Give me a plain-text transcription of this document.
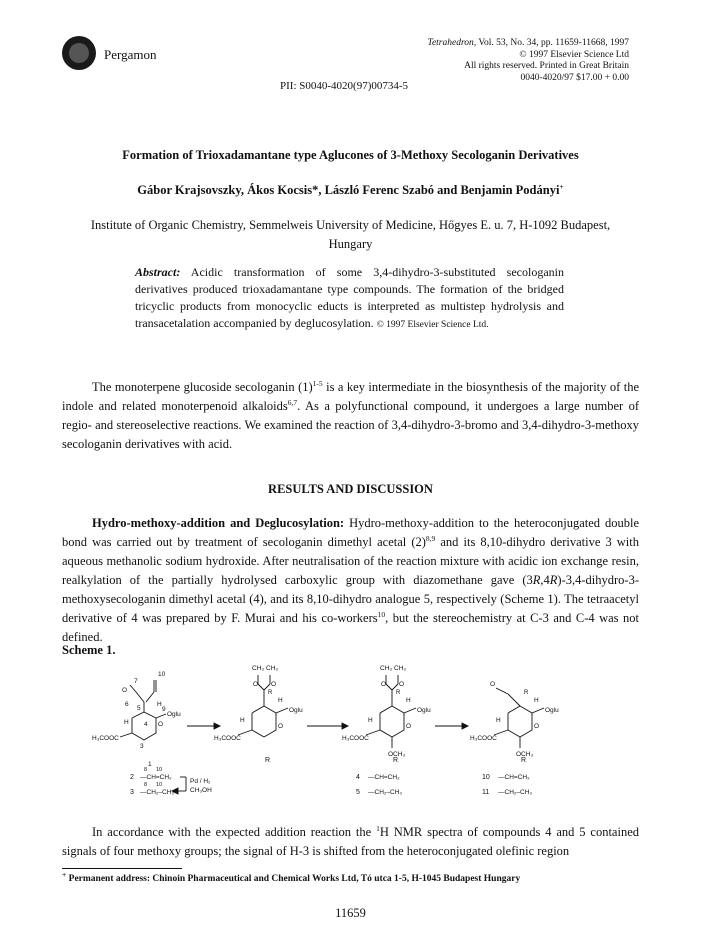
Pergamon
Tetrahedron, Vol. 53, No. 34, pp. 11659-11668, 1997
© 1997 Elsevier Science Ltd
All rights reserved. Printed in Great Britain
0040-4020/97 $17.00 + 0.00
PII: S0040-4020(97)00734-5
Formation of Trioxadamantane type Aglucones of 3-Methoxy Secologanin Derivatives
Gábor Krajsovszky, Ákos Kocsis*, László Ferenc Szabó and Benjamin Podányi+
Institute of Organic Chemistry, Semmelweis University of Medicine, Hőgyes E. u. 7, H-1092 Budapest, Hungary
Abstract: Acidic transformation of some 3,4-dihydro-3-substituted secologanin derivatives produced trioxadamantane type compounds. The formation of the bridged tricyclic products from monocyclic educts is interpreted as multistep hydrolysis and transacetalation accompanied by deglucosylation. © 1997 Elsevier Science Ltd.
The monoterpene glucoside secologanin $(1)^{1-5}$ is a key intermediate in the biosynthesis of the majority of the indole and related monoterpenoid alkaloids$^{6,7}$. As a polyfunctional compound, it undergoes a large number of regio- and stereoselective reactions. We examined the reaction of 3,4-dihydro-3-bromo and 3,4-dihydro-3-methoxy secologanin derivatives with acid.
RESULTS AND DISCUSSION
Hydro-methoxy-addition and Deglucosylation: Hydro-methoxy-addition to the heteroconjugated double bond was carried out by treatment of secologanin dimethyl acetal $(2)^{8,9}$ and its 8,10-dihydro derivative 3 with aqueous methanolic sodium hydroxide. After neutralisation of the reaction mixture with acidic ion exchange resin, realkylation of the partially hydrolysed carboxylic group with diazomethane gave (3R,4R)-3,4-dihydro-3-methoxysecologanin dimethyl acetal (4), and its 8,10-dihydro analogue 5, respectively (Scheme 1). The tetraacetyl derivative of 4 was prepared by F. Murai and his co-workers$^{10}$, but the stereochemistry at C-3 and C-4 was not defined.
Scheme 1.
7
10
O
6
5
H
9
Oglu
H 4 O
3
H₃COOC
1
CH₃ CH₃
O O
H
Oglu
H
O
H₃COOC
CH₃ CH₃
O O
H
Oglu
H
O
H₃COOC
OCH₃
O
H
Oglu
H
O
H₃COOC
OCH₃
R	R	R
R	R	R
8 10
2 —CH=CH₂
8 10
3 —CH₂–CH₃
Pd / H₂
CH₃OH
4 —CH=CH₂
5 —CH₂–CH₃
10 —CH=CH₂
11 —CH₂–CH₃
In accordance with the expected addition reaction the $^1$H NMR spectra of compounds 4 and 5 contained signals of four methoxy groups; the signal of H-3 is shifted from the heteroconjugated olefinic region
+ Permanent address: Chinoin Pharmaceutical and Chemical Works Ltd, Tó utca 1-5, H-1045 Budapest Hungary
11659
